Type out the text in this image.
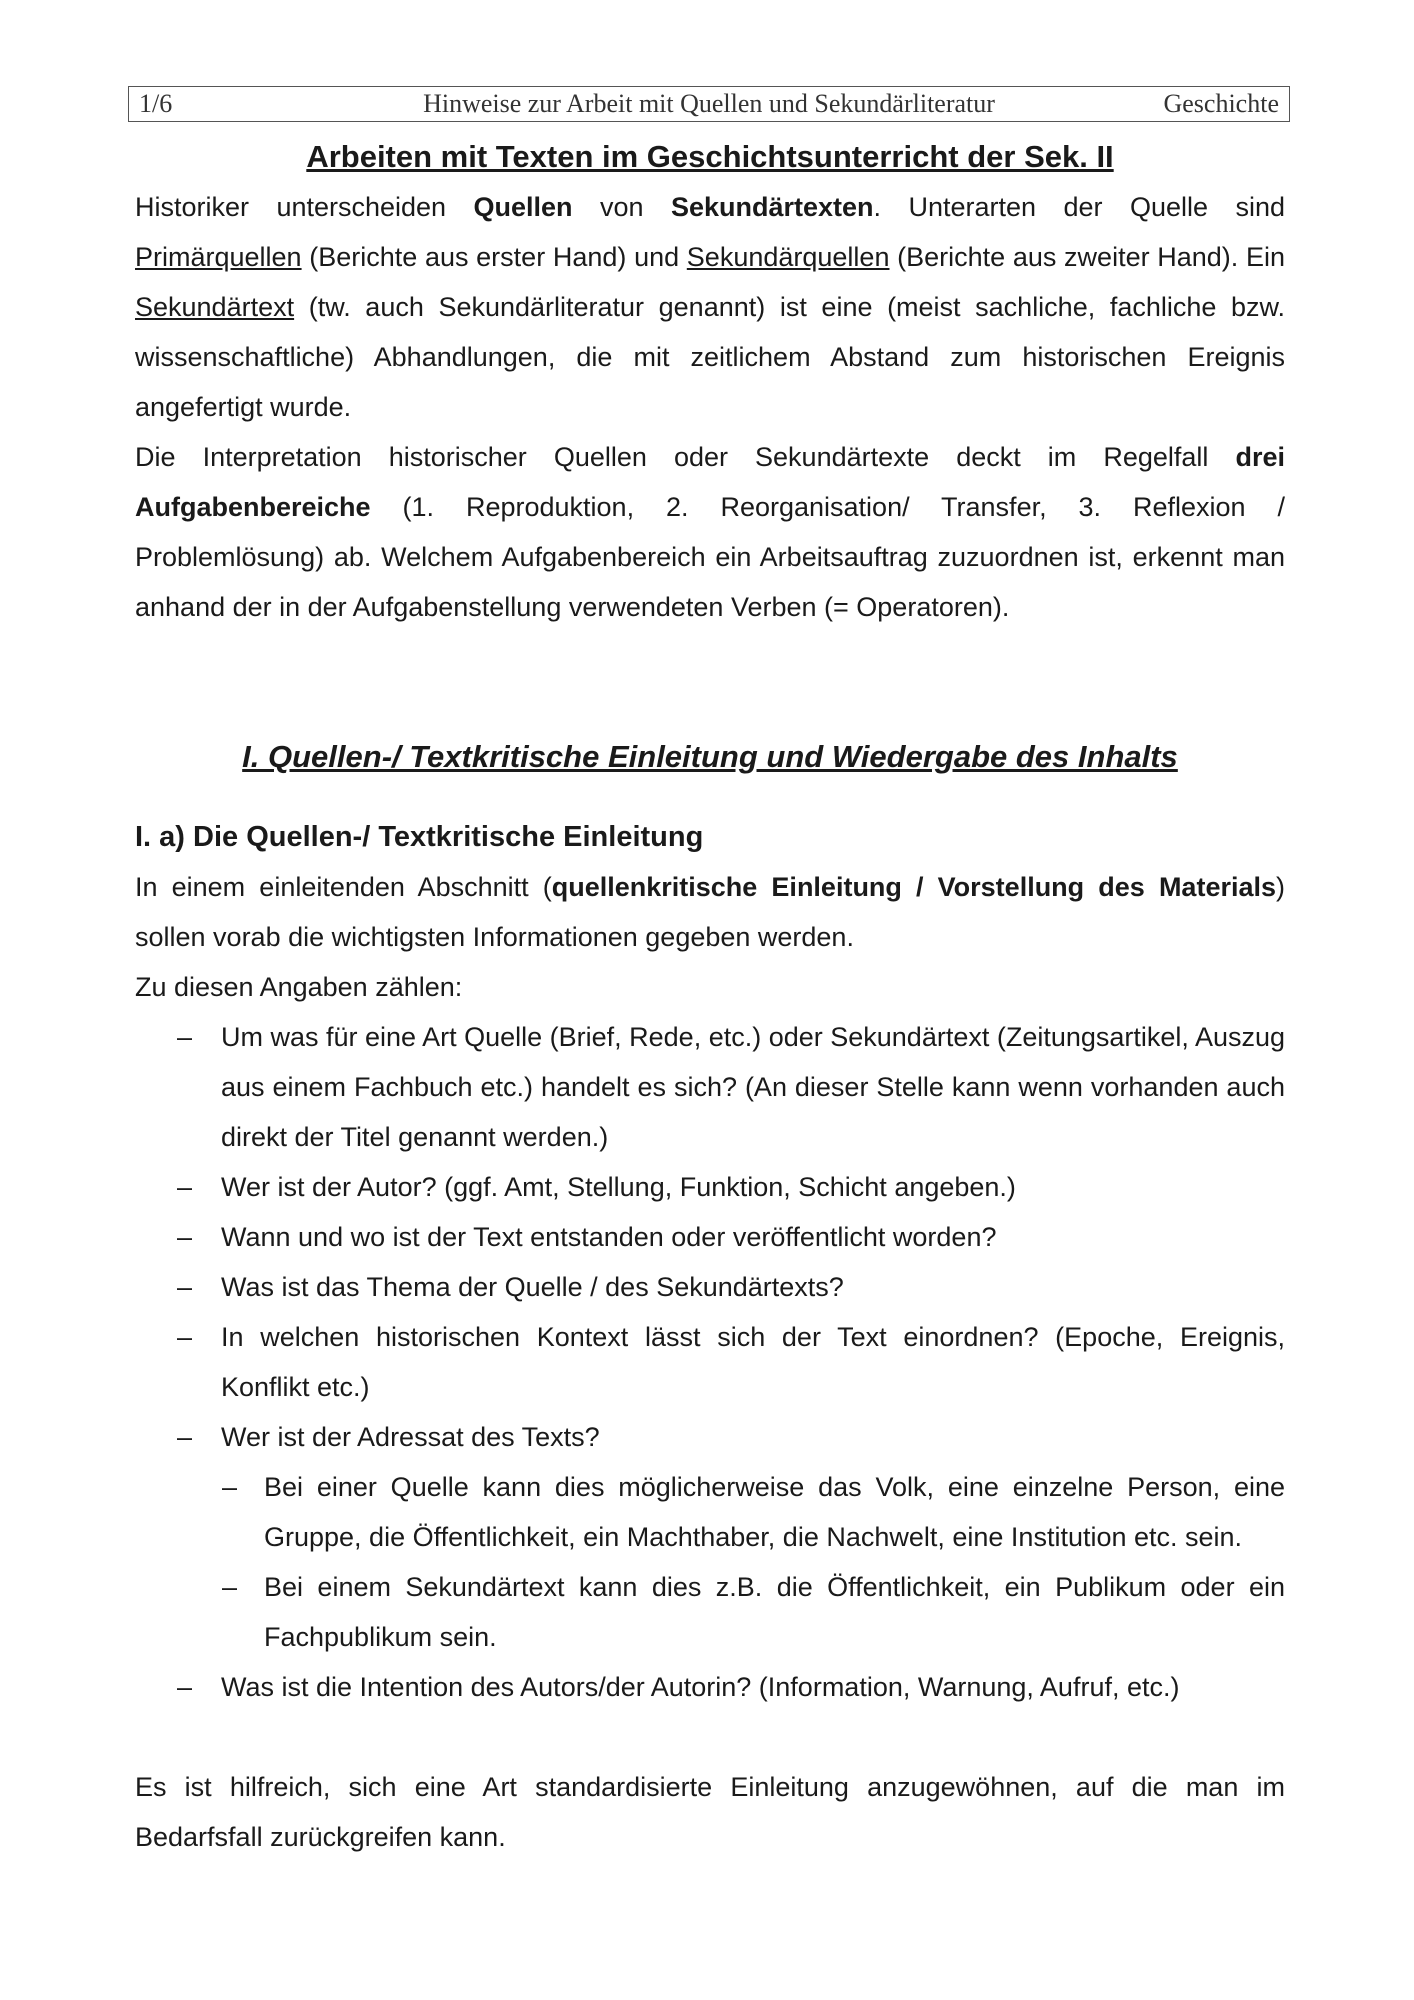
Hinweise zur Arbeit mit Quellen und Sekundärliteratur
1/6	Geschichte
Arbeiten mit Texten im Geschichtsunterricht der Sek. II

Historiker unterscheiden Quellen von Sekundärtexten. Unterarten der Quelle sind Primärquellen (Berichte aus erster Hand) und Sekundärquellen (Berichte aus zweiter Hand). Ein Sekundärtext (tw. auch Sekundärliteratur genannt) ist eine (meist sachliche, fachliche bzw. wissenschaftliche) Abhandlungen, die mit zeitlichem Abstand zum historischen Ereignis angefertigt wurde.

Die Interpretation historischer Quellen oder Sekundärtexte deckt im Regelfall drei Aufgabenbereiche (1. Reproduktion, 2. Reorganisation/ Transfer, 3. Reflexion / Problemlösung) ab. Welchem Aufgabenbereich ein Arbeitsauftrag zuzuordnen ist, erkennt man anhand der in der Aufgabenstellung verwendeten Verben (= Operatoren).

I. Quellen-/ Textkritische Einleitung und Wiedergabe des Inhalts
I. a) Die Quellen-/ Textkritische Einleitung

In einem einleitenden Abschnitt (quellenkritische Einleitung / Vorstellung des Materials) sollen vorab die wichtigsten Informationen gegeben werden.

Zu diesen Angaben zählen:

– Um was für eine Art Quelle (Brief, Rede, etc.) oder Sekundärtext (Zeitungsartikel, Auszug aus einem Fachbuch etc.) handelt es sich? (An dieser Stelle kann wenn vorhanden auch direkt der Titel genannt werden.)
– Wer ist der Autor? (ggf. Amt, Stellung, Funktion, Schicht angeben.)
– Wann und wo ist der Text entstanden oder veröffentlicht worden?
– Was ist das Thema der Quelle / des Sekundärtexts?
– In welchen historischen Kontext lässt sich der Text einordnen? (Epoche, Ereignis, Konflikt etc.)
– Wer ist der Adressat des Texts?
– Bei einer Quelle kann dies möglicherweise das Volk, eine einzelne Person, eine Gruppe, die Öffentlichkeit, ein Machthaber, die Nachwelt, eine Institution etc. sein.
– Bei einem Sekundärtext kann dies z.B. die Öffentlichkeit, ein Publikum oder ein Fachpublikum sein.
– Was ist die Intention des Autors/der Autorin? (Information, Warnung, Aufruf, etc.)

Es ist hilfreich, sich eine Art standardisierte Einleitung anzugewöhnen, auf die man im Bedarfsfall zurückgreifen kann.
